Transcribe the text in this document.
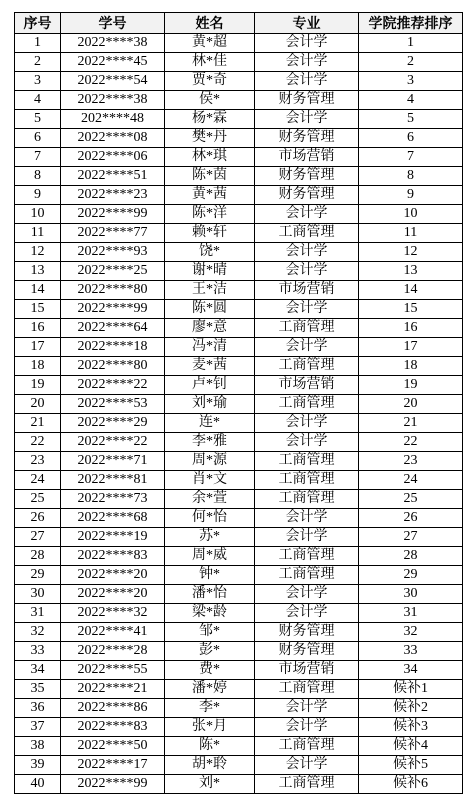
序号	学号	姓名	专业	学院推荐排序
1	2022****38	黄*超	会计学	1
2	2022****45	林*佳	会计学	2
3	2022****54	贾*奇	会计学	3
4	2022****38	侯*	财务管理	4
5	202****48	杨*霖	会计学	5
6	2022****08	樊*丹	财务管理	6
7	2022****06	林*琪	市场营销	7
8	2022****51	陈*茵	财务管理	8
9	2022****23	黄*茜	财务管理	9
10	2022****99	陈*洋	会计学	10
11	2022****77	赖*轩	工商管理	11
12	2022****93	饶*	会计学	12
13	2022****25	谢*晴	会计学	13
14	2022****80	王*洁	市场营销	14
15	2022****99	陈*圆	会计学	15
16	2022****64	廖*意	工商管理	16
17	2022****18	冯*清	会计学	17
18	2022****80	麦*茜	工商管理	18
19	2022****22	卢*钊	市场营销	19
20	2022****53	刘*瑜	工商管理	20
21	2022****29	连*	会计学	21
22	2022****22	李*雅	会计学	22
23	2022****71	周*源	工商管理	23
24	2022****81	肖*文	工商管理	24
25	2022****73	余*萱	工商管理	25
26	2022****68	何*怡	会计学	26
27	2022****19	苏*	会计学	27
28	2022****83	周*威	工商管理	28
29	2022****20	钟*	工商管理	29
30	2022****20	潘*怡	会计学	30
31	2022****32	梁*龄	会计学	31
32	2022****41	邹*	财务管理	32
33	2022****28	彭*	财务管理	33
34	2022****55	费*	市场营销	34
35	2022****21	潘*婷	工商管理	候补1
36	2022****86	李*	会计学	候补2
37	2022****83	张*月	会计学	候补3
38	2022****50	陈*	工商管理	候补4
39	2022****17	胡*聆	会计学	候补5
40	2022****99	刘*	工商管理	候补6
